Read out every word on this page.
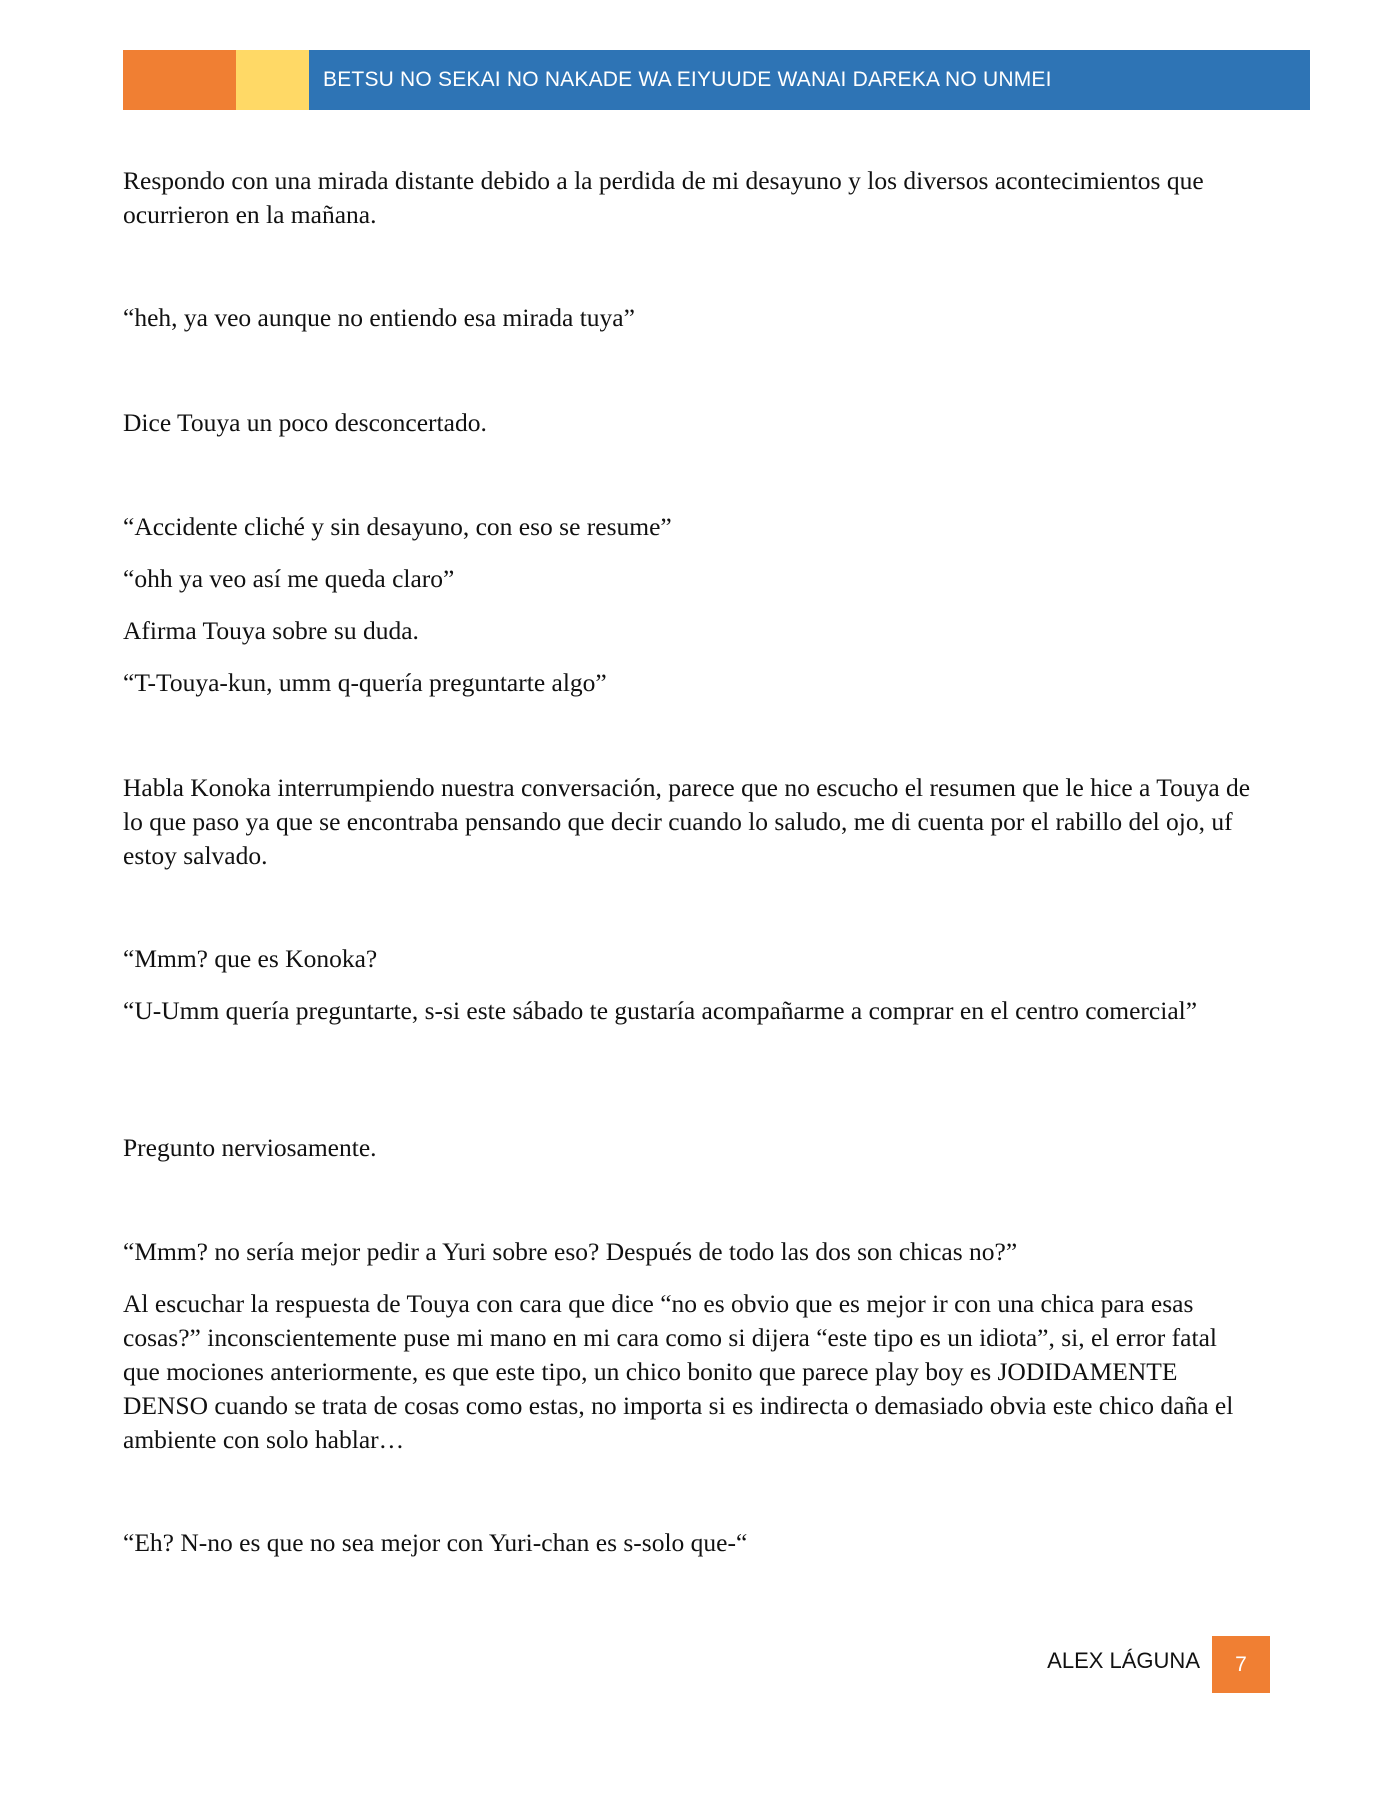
BETSU NO SEKAI NO NAKADE WA EIYUUDE WANAI DAREKA NO UNMEI

Respondo con una mirada distante debido a la perdida de mi desayuno y los diversos acontecimientos que ocurrieron en la mañana.

“heh, ya veo aunque no entiendo esa mirada tuya”

Dice Touya un poco desconcertado.

“Accidente cliché y sin desayuno, con eso se resume”

“ohh ya veo así me queda claro”

Afirma Touya sobre su duda.

“T-Touya-kun, umm q-quería preguntarte algo”

Habla Konoka interrumpiendo nuestra conversación, parece que no escucho el resumen que le hice a Touya de lo que paso ya que se encontraba pensando que decir cuando lo saludo, me di cuenta por el rabillo del ojo, uf estoy salvado.

“Mmm? que es Konoka?

“U-Umm quería preguntarte, s-si este sábado te gustaría acompañarme a comprar en el centro comercial”

Pregunto nerviosamente.

“Mmm? no sería mejor pedir a Yuri sobre eso? Después de todo las dos son chicas no?”

Al escuchar la respuesta de Touya con cara que dice “no es obvio que es mejor ir con una chica para esas cosas?” inconscientemente puse mi mano en mi cara como si dijera “este tipo es un idiota”, si, el error fatal que mociones anteriormente, es que este tipo, un chico bonito que parece play boy es JODIDAMENTE DENSO cuando se trata de cosas como estas, no importa si es indirecta o demasiado obvia este chico daña el ambiente con solo hablar…

“Eh? N-no es que no sea mejor con Yuri-chan es s-solo que-“

ALEX LÁGUNA 7
